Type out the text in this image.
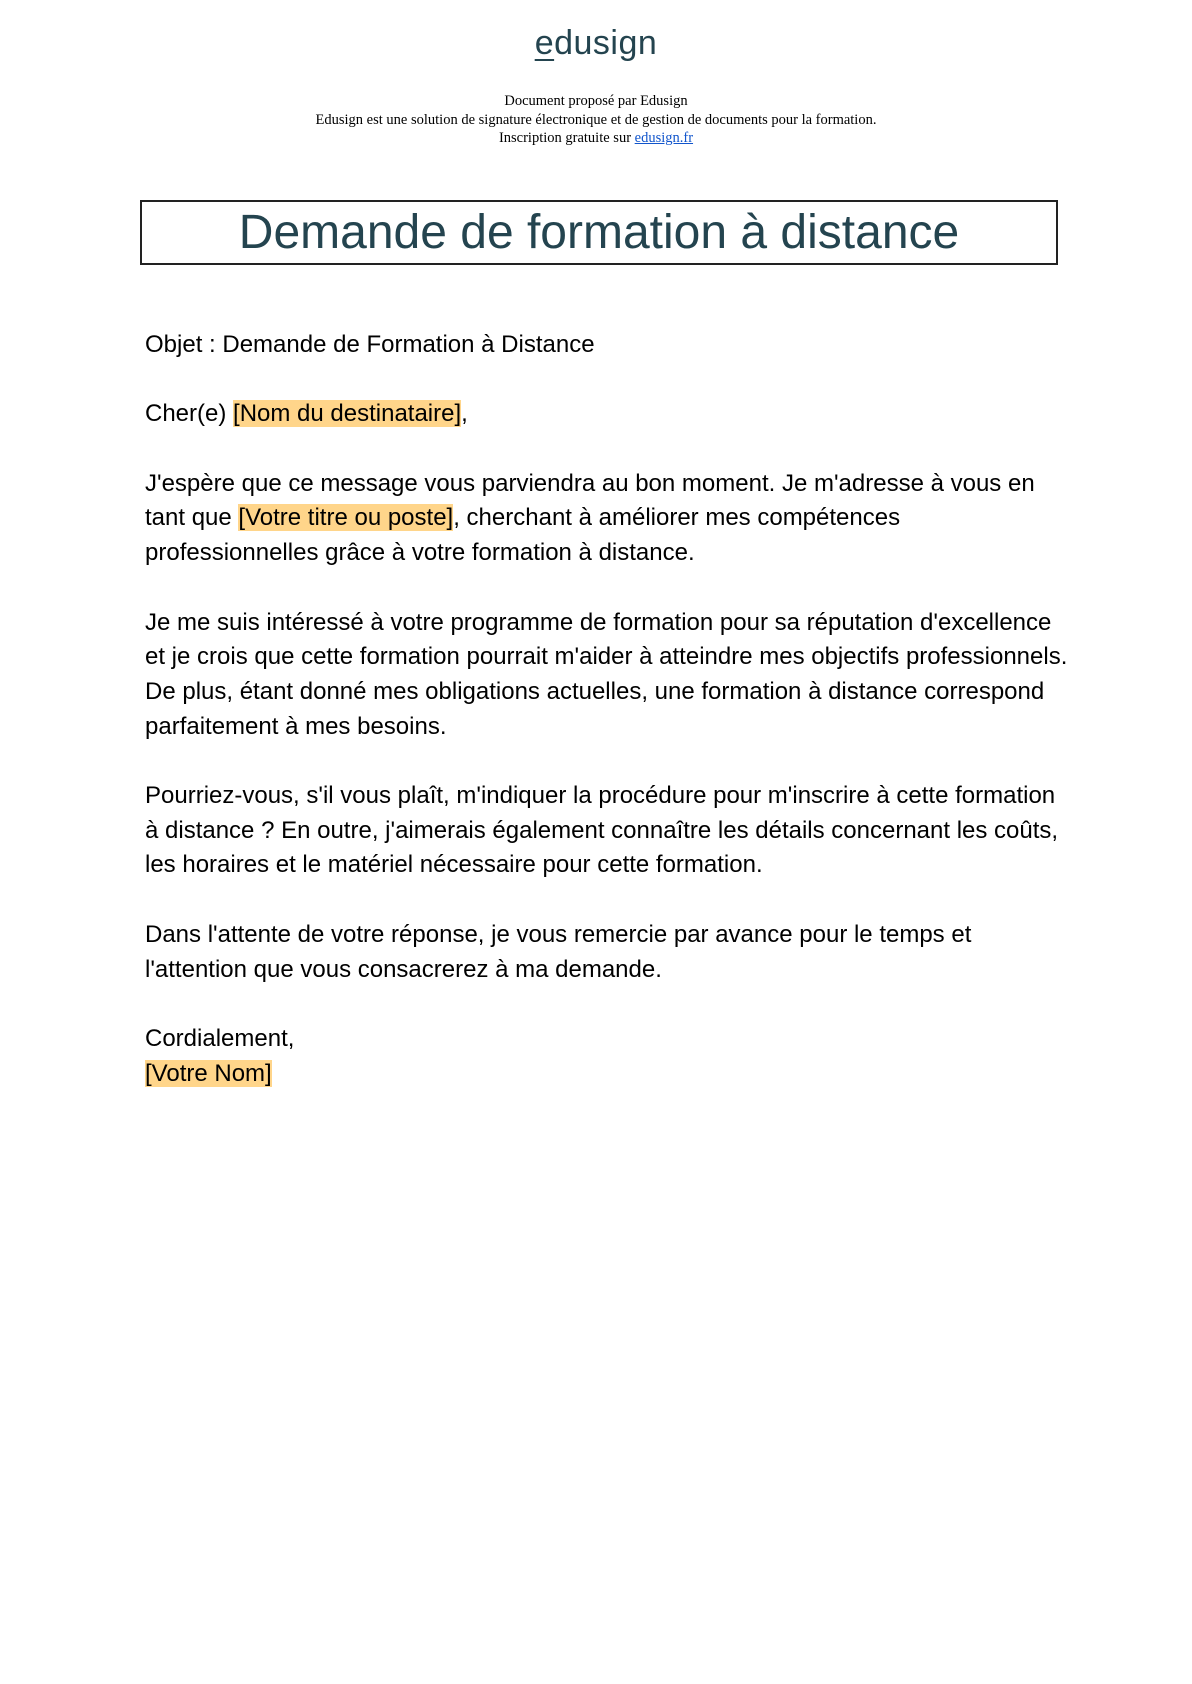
edusign
Document proposé par Edusign
Edusign est une solution de signature électronique et de gestion de documents pour la formation.
Inscription gratuite sur edusign.fr
Demande de formation à distance

Objet : Demande de Formation à Distance

Cher(e) [Nom du destinataire],

J'espère que ce message vous parviendra au bon moment. Je m'adresse à vous en tant que [Votre titre ou poste], cherchant à améliorer mes compétences professionnelles grâce à votre formation à distance.

Je me suis intéressé à votre programme de formation pour sa réputation d'excellence et je crois que cette formation pourrait m'aider à atteindre mes objectifs professionnels. De plus, étant donné mes obligations actuelles, une formation à distance correspond parfaitement à mes besoins.

Pourriez-vous, s'il vous plaît, m'indiquer la procédure pour m'inscrire à cette formation à distance ? En outre, j'aimerais également connaître les détails concernant les coûts, les horaires et le matériel nécessaire pour cette formation.

Dans l'attente de votre réponse, je vous remercie par avance pour le temps et l'attention que vous consacrerez à ma demande.

Cordialement,
[Votre Nom]
